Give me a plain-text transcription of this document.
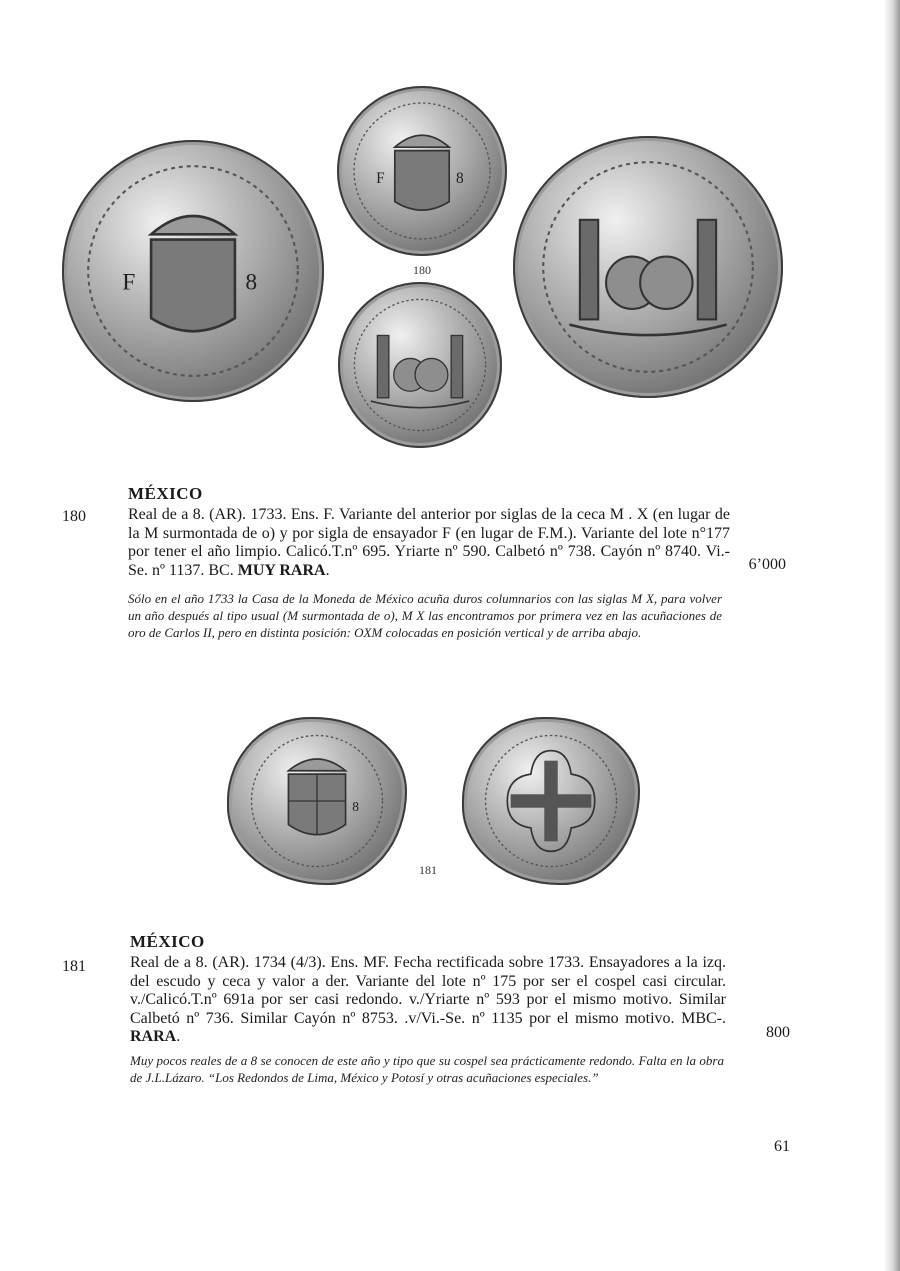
F	8
F	8
180
MÉXICO
180	Real de a 8. (AR). 1733. Ens. F. Variante del anterior por siglas de la ceca M . X (en lugar de la M surmontada de o) y por sigla de ensayador F (en lugar de F.M.). Variante del lote n°177 por tener el año limpio. Calicó.T.nº 695. Yriarte nº 590. Calbetó nº 738. Cayón nº 8740. Vi.-Se. nº 1137. BC. MUY RARA.	6’000
Sólo en el año 1733 la Casa de la Moneda de México acuña duros columnarios con las siglas M X, para volver un año después al tipo usual (M surmontada de o), M X las encontramos por primera vez en las acuñaciones de oro de Carlos II, pero en distinta posición: OXM colocadas en posición vertical y de arriba abajo.
8
181
MÉXICO
181	Real de a 8. (AR). 1734 (4/3). Ens. MF. Fecha rectificada sobre 1733. Ensayadores a la izq. del escudo y ceca y valor a der. Variante del lote nº 175 por ser el cospel casi circular. v./Calicó.T.nº 691a por ser casi redondo. v./Yriarte nº 593 por el mismo motivo. Similar Calbetó nº 736. Similar Cayón nº 8753. .v/Vi.-Se. nº 1135 por el mismo motivo. MBC-. RARA.	800
Muy pocos reales de a 8 se conocen de este año y tipo que su cospel sea prácticamente redondo. Falta en la obra de J.L.Lázaro. “Los Redondos de Lima, México y Potosí y otras acuñaciones especiales.”
61
